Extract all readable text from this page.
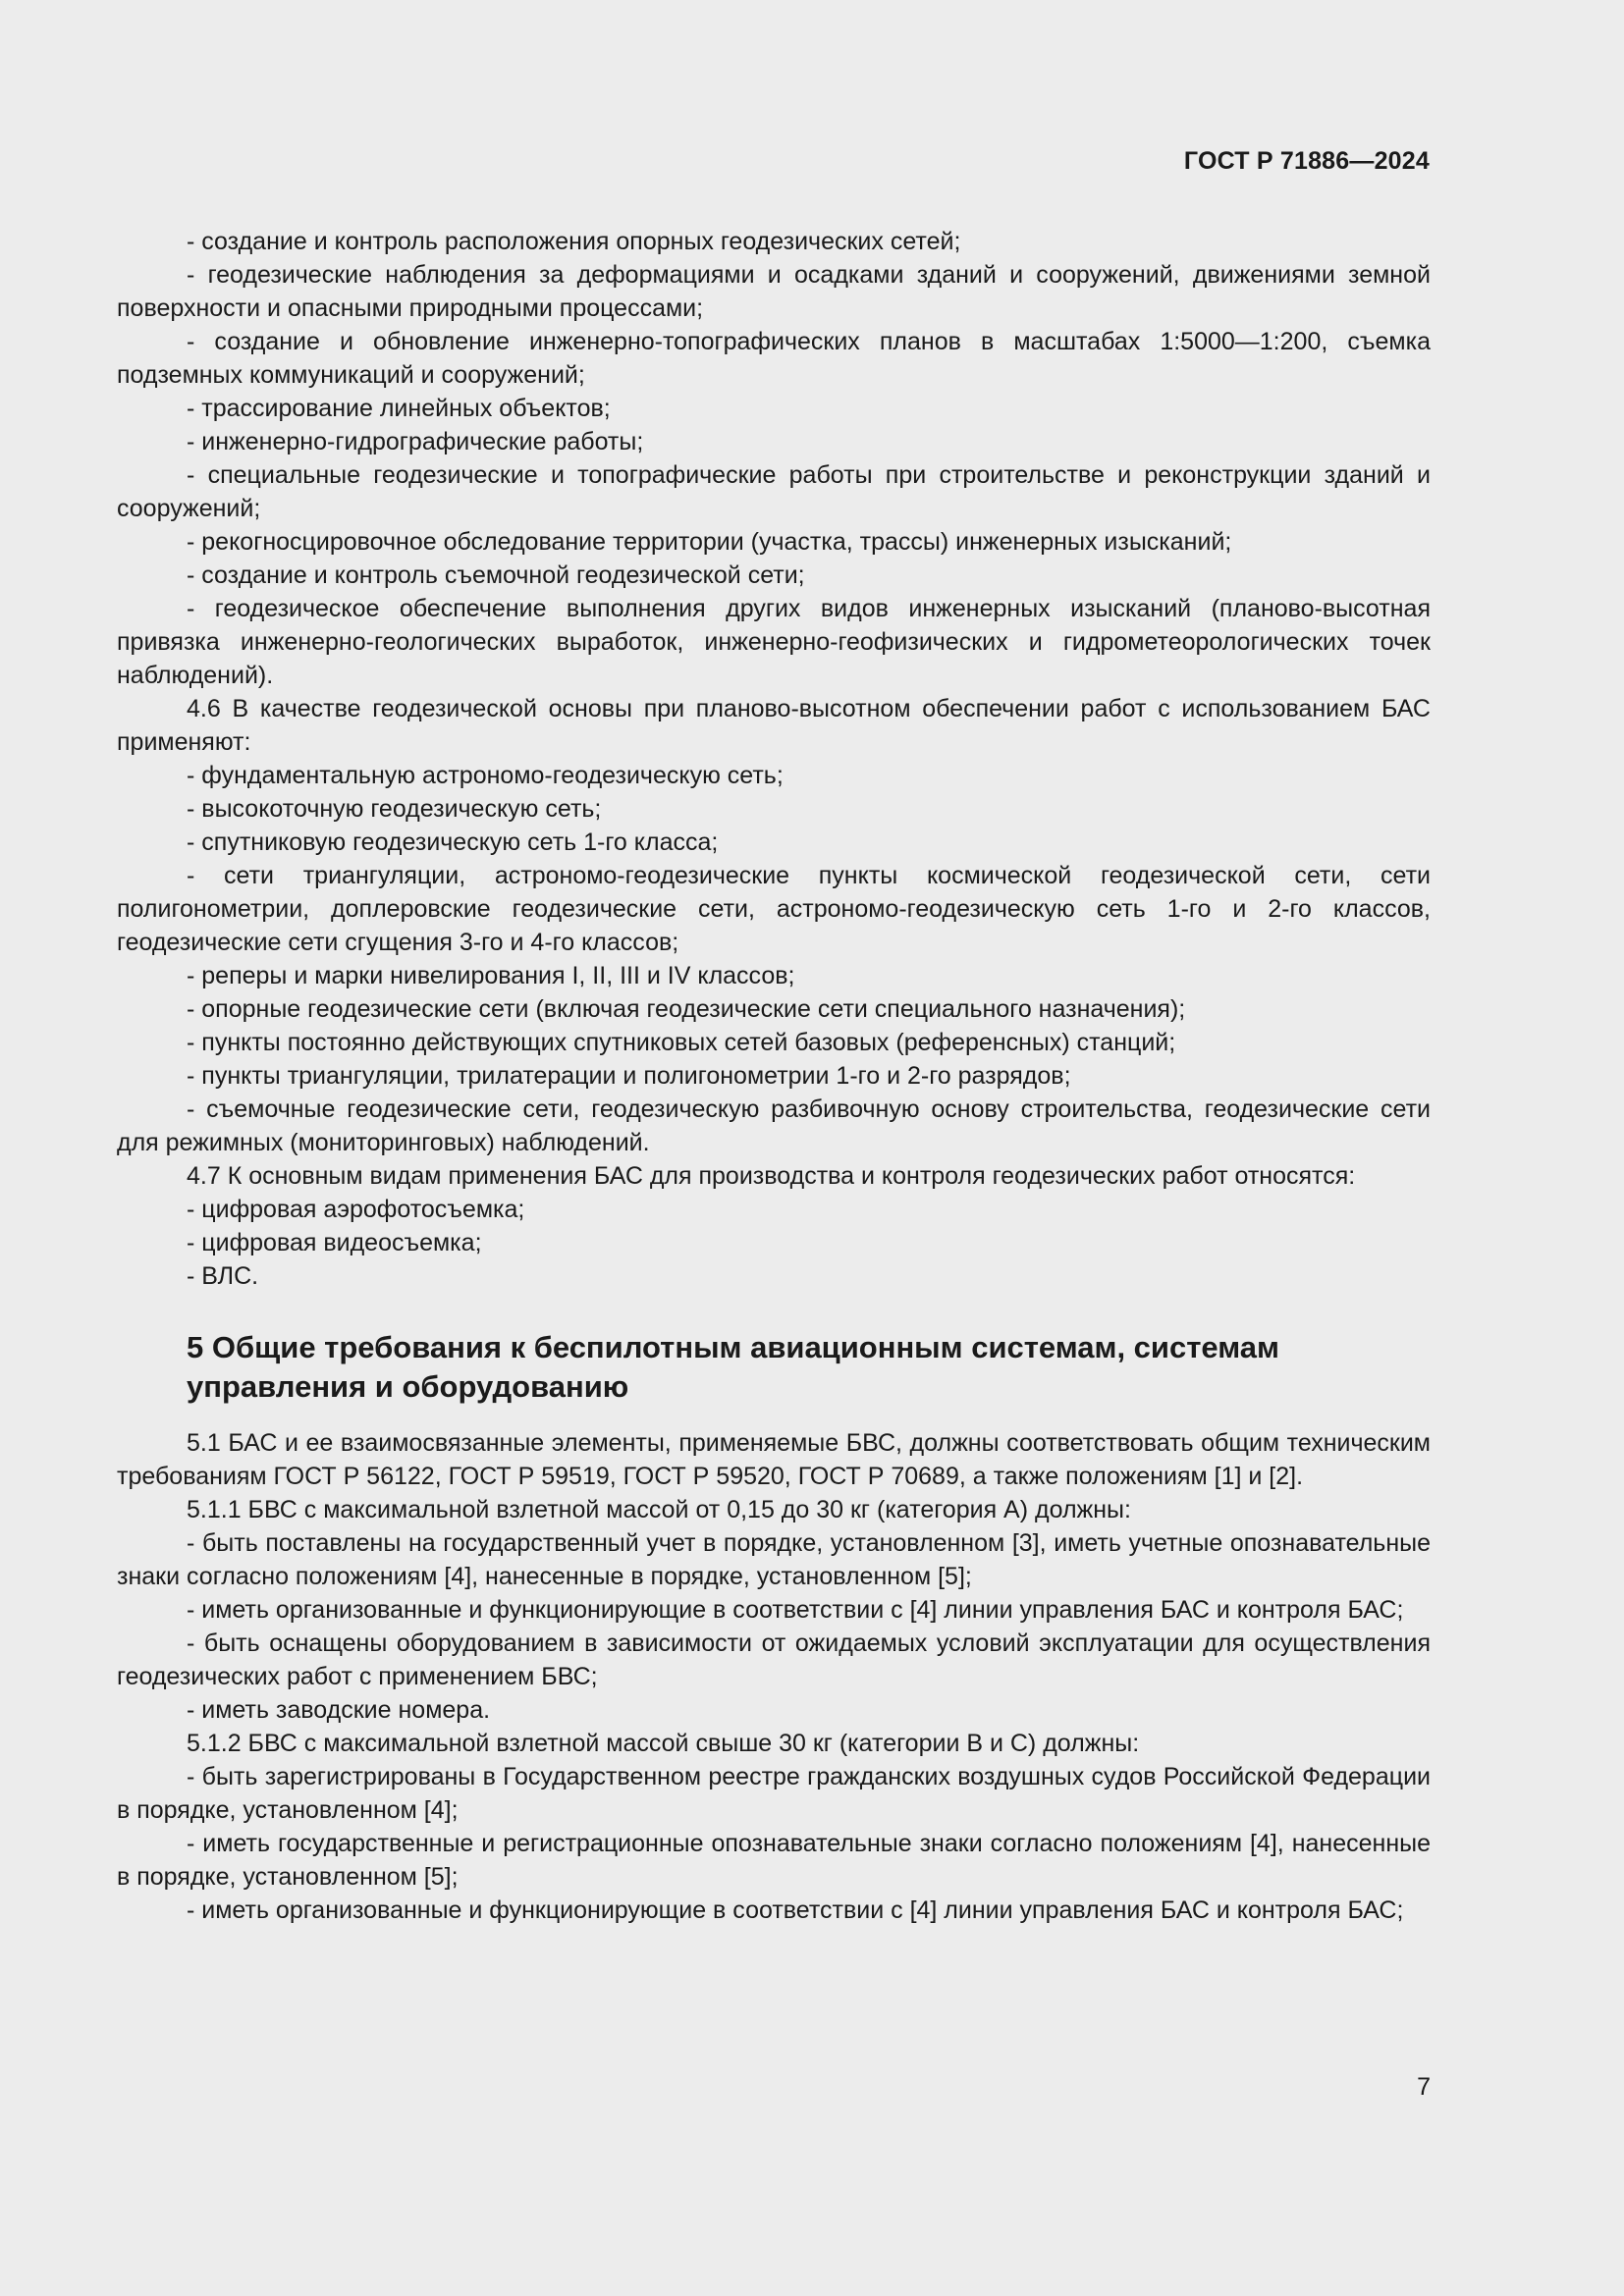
ГОСТ Р 71886—2024

- создание и контроль расположения опорных геодезических сетей;

- геодезические наблюдения за деформациями и осадками зданий и сооружений, движениями земной поверхности и опасными природными процессами;

- создание и обновление инженерно-топографических планов в масштабах 1:5000—1:200, съемка подземных коммуникаций и сооружений;

- трассирование линейных объектов;

- инженерно-гидрографические работы;

- специальные геодезические и топографические работы при строительстве и реконструкции зданий и сооружений;

- рекогносцировочное обследование территории (участка, трассы) инженерных изысканий;

- создание и контроль съемочной геодезической сети;

- геодезическое обеспечение выполнения других видов инженерных изысканий (планово-высотная привязка инженерно-геологических выработок, инженерно-геофизических и гидрометеорологических точек наблюдений).

4.6 В качестве геодезической основы при планово-высотном обеспечении работ с использованием БАС применяют:

- фундаментальную астрономо-геодезическую сеть;

- высокоточную геодезическую сеть;

- спутниковую геодезическую сеть 1-го класса;

- сети триангуляции, астрономо-геодезические пункты космической геодезической сети, сети полигонометрии, доплеровские геодезические сети, астрономо-геодезическую сеть 1-го и 2-го классов, геодезические сети сгущения 3-го и 4-го классов;

- реперы и марки нивелирования I, II, III и IV классов;

- опорные геодезические сети (включая геодезические сети специального назначения);

- пункты постоянно действующих спутниковых сетей базовых (референсных) станций;

- пункты триангуляции, трилатерации и полигонометрии 1-го и 2-го разрядов;

- съемочные геодезические сети, геодезическую разбивочную основу строительства, геодезические сети для режимных (мониторинговых) наблюдений.

4.7 К основным видам применения БАС для производства и контроля геодезических работ относятся:

- цифровая аэрофотосъемка;

- цифровая видеосъемка;

- ВЛС.

5 Общие требования к беспилотным авиационным системам, системам управления и оборудованию

5.1 БАС и ее взаимосвязанные элементы, применяемые БВС, должны соответствовать общим техническим требованиям ГОСТ Р 56122, ГОСТ Р 59519, ГОСТ Р 59520, ГОСТ Р 70689, а также положениям [1] и [2].

5.1.1 БВС с максимальной взлетной массой от 0,15 до 30 кг (категория А) должны:

- быть поставлены на государственный учет в порядке, установленном [3], иметь учетные опознавательные знаки согласно положениям [4], нанесенные в порядке, установленном [5];

- иметь организованные и функционирующие в соответствии с [4] линии управления БАС и контроля БАС;

- быть оснащены оборудованием в зависимости от ожидаемых условий эксплуатации для осуществления геодезических работ с применением БВС;

- иметь заводские номера.

5.1.2 БВС с максимальной взлетной массой свыше 30 кг (категории В и С) должны:

- быть зарегистрированы в Государственном реестре гражданских воздушных судов Российской Федерации в порядке, установленном [4];

- иметь государственные и регистрационные опознавательные знаки согласно положениям [4], нанесенные в порядке, установленном [5];

- иметь организованные и функционирующие в соответствии с [4] линии управления БАС и контроля БАС;

7
